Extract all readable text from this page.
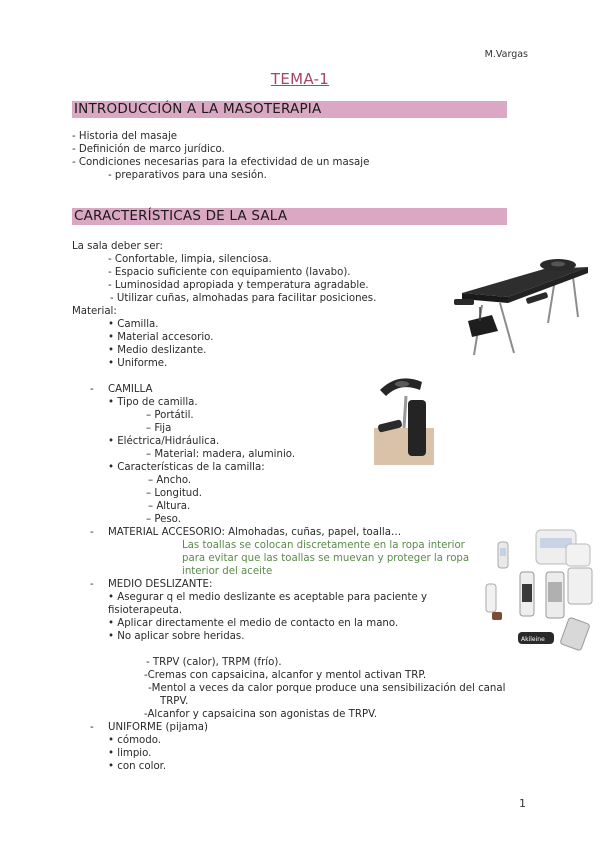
M.Vargas
TEMA-1
INTRODUCCIÓN A LA MASOTERAPIA
- Historia del masaje
- Definición de marco jurídico.
- Condiciones necesarias para la efectividad de un masaje
- preparativos para una sesión.
CARACTERÍSTICAS DE LA SALA
La sala deber ser:
- Confortable, limpia, silenciosa.
- Espacio suficiente con equipamiento (lavabo).
- Luminosidad apropiada y temperatura agradable.
- Utilizar cuñas, almohadas para facilitar posiciones.
Material:
• Camilla.
• Material accesorio.
• Medio deslizante.
• Uniforme.
- CAMILLA
• Tipo de camilla.
– Portátil.
– Fija
• Eléctrica/Hidráulica.
– Material: madera, aluminio.
• Características de la camilla:
– Ancho.
– Longitud.
– Altura.
– Peso.
- MATERIAL ACCESORIO: Almohadas, cuñas, papel, toalla…
Las toallas se colocan discretamente en la ropa interior
para evitar que las toallas se muevan y proteger la ropa
interior del aceite
- MEDIO DESLIZANTE:
• Asegurar q el medio deslizante es aceptable para paciente y
fisioterapeuta.
• Aplicar directamente el medio de contacto en la mano.
• No aplicar sobre heridas.
- TRPV (calor), TRPM (frío).
-Cremas con capsaicina, alcanfor y mentol activan TRP.
-Mentol a veces da calor porque produce una sensibilización del canal
TRPV.
-Alcanfor y capsaicina son agonistas de TRPV.
- UNIFORME (pijama)
• cómodo.
• limpio.
• con color.
1
Akileine
